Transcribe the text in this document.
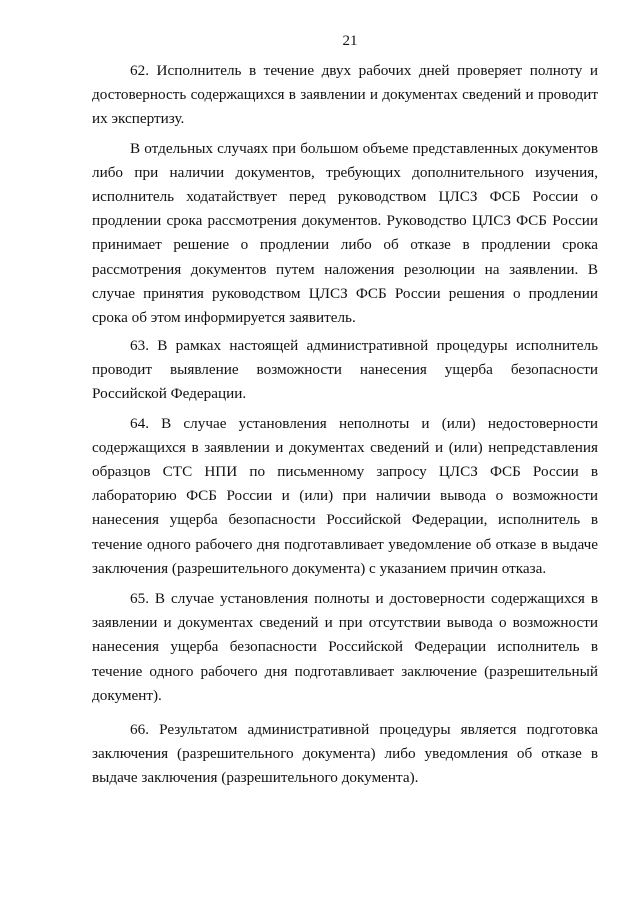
21
62. Исполнитель в течение двух рабочих дней проверяет полноту и
достоверность содержащихся в заявлении и документах сведений и проводит
их экспертизу.
В отдельных случаях при большом объеме представленных документов
либо при наличии документов, требующих дополнительного изучения,
исполнитель ходатайствует перед руководством ЦЛСЗ ФСБ России о
продлении срока рассмотрения документов. Руководство ЦЛСЗ ФСБ России
принимает решение о продлении либо об отказе в продлении срока
рассмотрения документов путем наложения резолюции на заявлении. В
случае принятия руководством ЦЛСЗ ФСБ России решения о продлении
срока об этом информируется заявитель.
63. В рамках настоящей административной процедуры исполнитель
проводит выявление возможности нанесения ущерба безопасности
Российской Федерации.
64. В случае установления неполноты и (или) недостоверности
содержащихся в заявлении и документах сведений и (или) непредставления
образцов СТС НПИ по письменному запросу ЦЛСЗ ФСБ России в
лабораторию ФСБ России и (или) при наличии вывода о возможности
нанесения ущерба безопасности Российской Федерации, исполнитель в
течение одного рабочего дня подготавливает уведомление об отказе в выдаче
заключения (разрешительного документа) с указанием причин отказа.
65. В случае установления полноты и достоверности содержащихся в
заявлении и документах сведений и при отсутствии вывода о возможности
нанесения ущерба безопасности Российской Федерации исполнитель в
течение одного рабочего дня подготавливает заключение (разрешительный
документ).
66. Результатом административной процедуры является подготовка
заключения (разрешительного документа) либо уведомления об отказе в
выдаче заключения (разрешительного документа).
